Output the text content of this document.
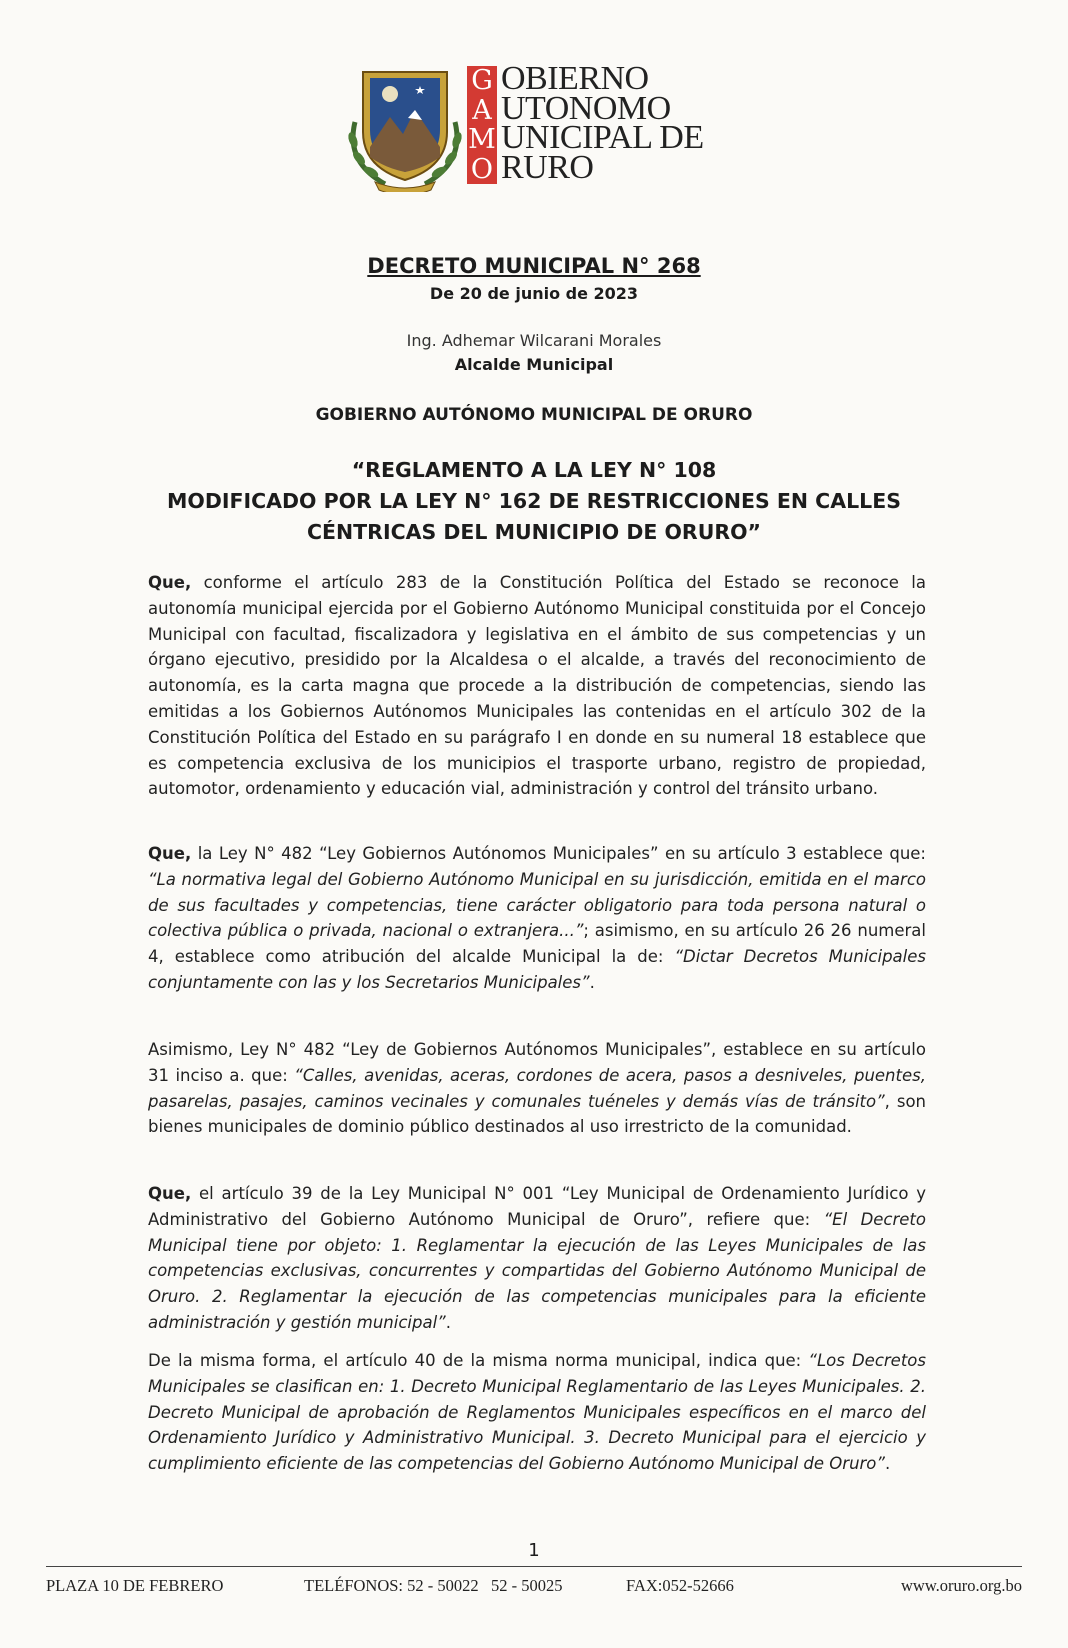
G
A
M
O
OBIERNO
UTONOMO
UNICIPAL DE
RURO
DECRETO MUNICIPAL N° 268
De 20 de junio de 2023
Ing. Adhemar Wilcarani Morales
Alcalde Municipal
GOBIERNO AUTÓNOMO MUNICIPAL DE ORURO
“REGLAMENTO A LA LEY N° 108
MODIFICADO POR LA LEY N° 162 DE RESTRICCIONES EN CALLES
CÉNTRICAS DEL MUNICIPIO DE ORURO”
Que, conforme el artículo 283 de la Constitución Política del Estado se reconoce la autonomía municipal ejercida por el Gobierno Autónomo Municipal constituida por el Concejo Municipal con facultad, fiscalizadora y legislativa en el ámbito de sus competencias y un órgano ejecutivo, presidido por la Alcaldesa o el alcalde, a través del reconocimiento de autonomía, es la carta magna que procede a la distribución de competencias, siendo las emitidas a los Gobiernos Autónomos Municipales las contenidas en el artículo 302 de la Constitución Política del Estado en su parágrafo I en donde en su numeral 18 establece que es competencia exclusiva de los municipios el trasporte urbano, registro de propiedad, automotor, ordenamiento y educación vial, administración y control del tránsito urbano.
Que, la Ley N° 482 “Ley Gobiernos Autónomos Municipales” en su artículo 3 establece que: “La normativa legal del Gobierno Autónomo Municipal en su jurisdicción, emitida en el marco de sus facultades y competencias, tiene carácter obligatorio para toda persona natural o colectiva pública o privada, nacional o extranjera...”; asimismo, en su artículo 26 26 numeral 4, establece como atribución del alcalde Municipal la de: “Dictar Decretos Municipales conjuntamente con las y los Secretarios Municipales”.
Asimismo, Ley N° 482 “Ley de Gobiernos Autónomos Municipales”, establece en su artículo 31 inciso a. que: “Calles, avenidas, aceras, cordones de acera, pasos a desniveles, puentes, pasarelas, pasajes, caminos vecinales y comunales tuéneles y demás vías de tránsito”, son bienes municipales de dominio público destinados al uso irrestricto de la comunidad.
Que, el artículo 39 de la Ley Municipal N° 001 “Ley Municipal de Ordenamiento Jurídico y Administrativo del Gobierno Autónomo Municipal de Oruro”, refiere que: “El Decreto Municipal tiene por objeto: 1. Reglamentar la ejecución de las Leyes Municipales de las competencias exclusivas, concurrentes y compartidas del Gobierno Autónomo Municipal de Oruro. 2. Reglamentar la ejecución de las competencias municipales para la eficiente administración y gestión municipal”.
De la misma forma, el artículo 40 de la misma norma municipal, indica que: “Los Decretos Municipales se clasifican en: 1. Decreto Municipal Reglamentario de las Leyes Municipales. 2. Decreto Municipal de aprobación de Reglamentos Municipales específicos en el marco del Ordenamiento Jurídico y Administrativo Municipal. 3. Decreto Municipal para el ejercicio y cumplimiento eficiente de las competencias del Gobierno Autónomo Municipal de Oruro”.
1
PLAZA 10 DE FEBRERO	TELÉFONOS: 52 - 50022   52 - 50025	FAX:052-52666	www.oruro.org.bo
